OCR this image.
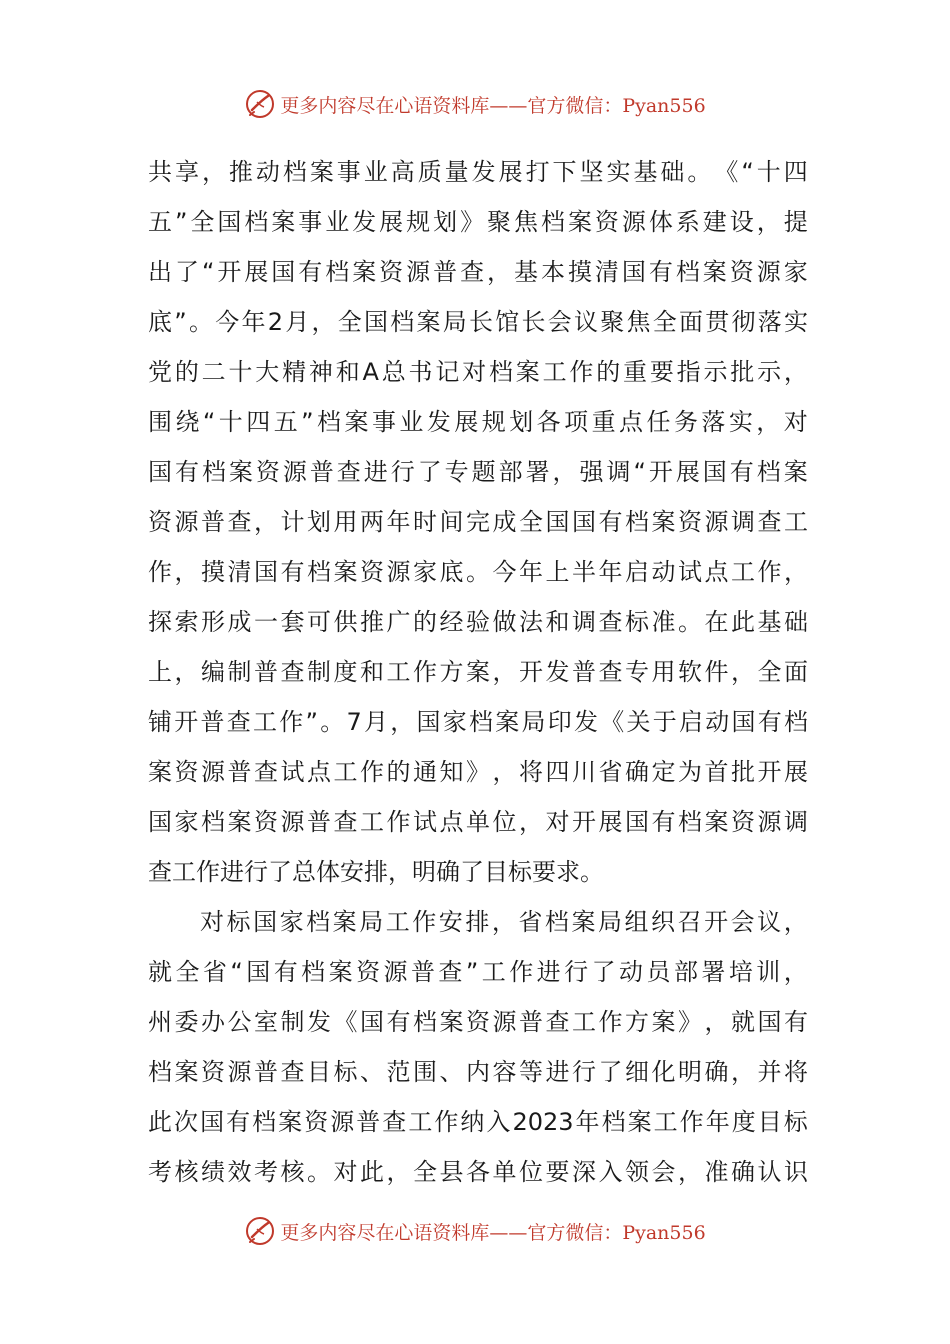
更多内容尽在心语资料库——官方微信：Pyan556
共 享 ， 推 动 档 案 事 业 高 质 量 发 展 打 下 坚 实 基 础 。 《 “ 十 四
五 ” 全 国 档 案 事 业 发 展 规 划 》 聚 焦 档 案 资 源 体 系 建 设 ， 提
出 了 “ 开 展 国 有 档 案 资 源 普 查 ， 基 本 摸 清 国 有 档 案 资 源 家
底 ” 。 今 年 2 月 ， 全 国 档 案 局 长 馆 长 会 议 聚 焦 全 面 贯 彻 落 实
党 的 二 十 大 精 神 和 A 总 书 记 对 档 案 工 作 的 重 要 指 示 批 示 ，
围 绕 “ 十 四 五 ” 档 案 事 业 发 展 规 划 各 项 重 点 任 务 落 实 ， 对
国 有 档 案 资 源 普 查 进 行 了 专 题 部 署 ， 强 调 “ 开 展 国 有 档 案
资 源 普 查 ， 计 划 用 两 年 时 间 完 成 全 国 国 有 档 案 资 源 调 查 工
作 ， 摸 清 国 有 档 案 资 源 家 底 。 今 年 上 半 年 启 动 试 点 工 作 ，
探 索 形 成 一 套 可 供 推 广 的 经 验 做 法 和 调 查 标 准 。 在 此 基 础
上 ， 编 制 普 查 制 度 和 工 作 方 案 ， 开 发 普 查 专 用 软 件 ， 全 面
铺 开 普 查 工 作 ” 。 7 月 ， 国 家 档 案 局 印 发 《 关 于 启 动 国 有 档
案 资 源 普 查 试 点 工 作 的 通 知 》 ， 将 四 川 省 确 定 为 首 批 开 展
国 家 档 案 资 源 普 查 工 作 试 点 单 位 ， 对 开 展 国 有 档 案 资 源 调
查工作进行了总体安排，明确了目标要求。
对 标 国 家 档 案 局 工 作 安 排 ， 省 档 案 局 组 织 召 开 会 议 ，
就 全 省 “ 国 有 档 案 资 源 普 查 ” 工 作 进 行 了 动 员 部 署 培 训 ，
州 委 办 公 室 制 发 《 国 有 档 案 资 源 普 查 工 作 方 案 》 ， 就 国 有
档 案 资 源 普 查 目 标 、 范 围 、 内 容 等 进 行 了 细 化 明 确 ， 并 将
此 次 国 有 档 案 资 源 普 查 工 作 纳 入 2023 年 档 案 工 作 年 度 目 标
考 核 绩 效 考 核 。 对 此 ， 全 县 各 单 位 要 深 入 领 会 ， 准 确 认 识
更多内容尽在心语资料库——官方微信：Pyan556
